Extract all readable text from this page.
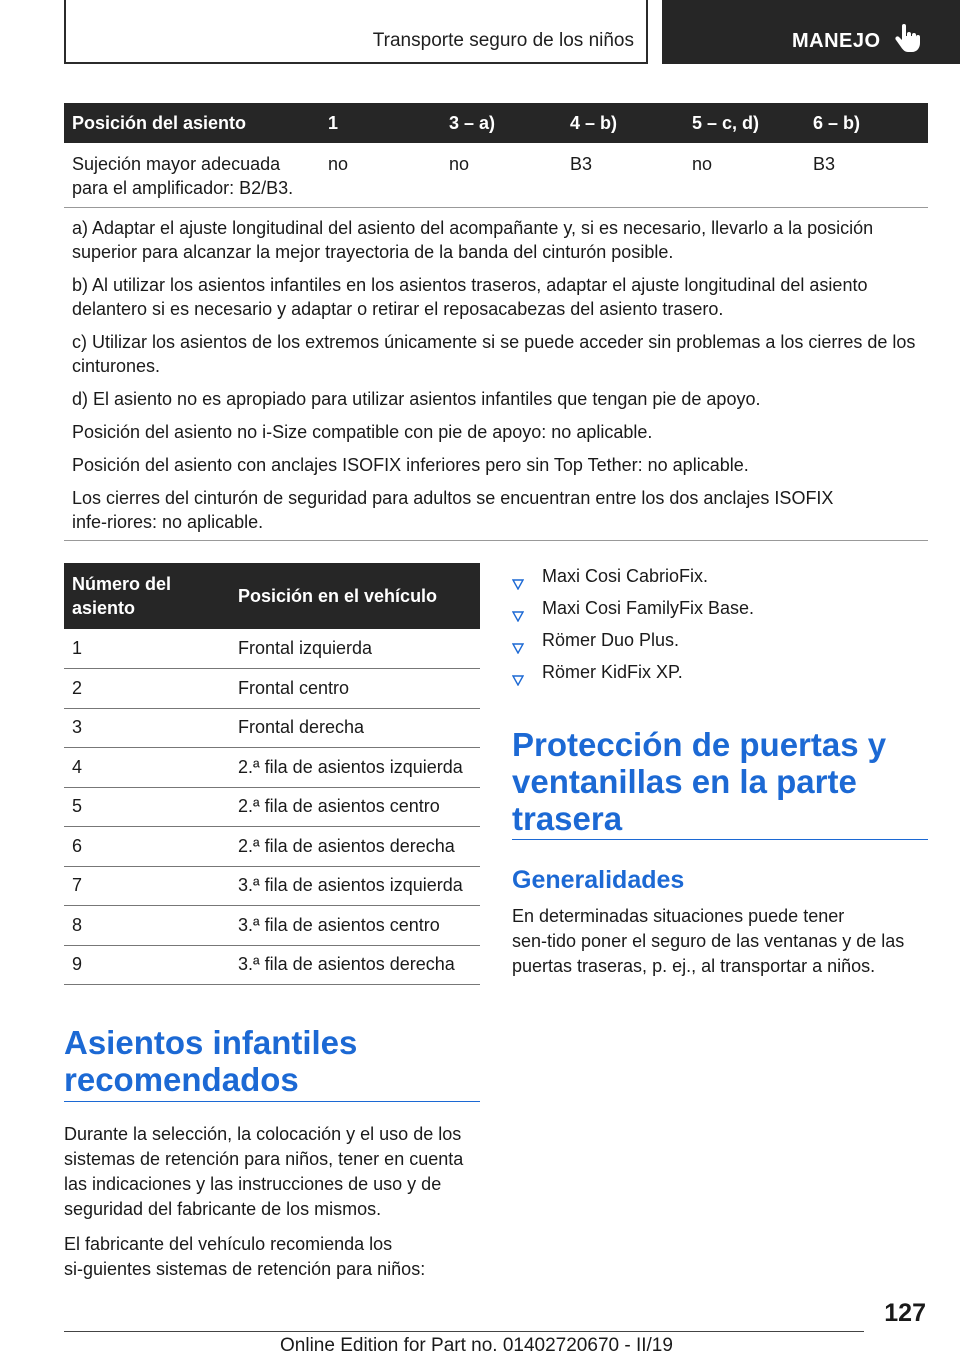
Transporte seguro de los niños	MANEJO
Posición del asiento	1	3 – a)	4 – b)	5 – c, d)	6 – b)
Sujeción mayor adecuada para el amplificador: B2/B3.	no	no	B3	no	B3

a) Adaptar el ajuste longitudinal del asiento del acompañante y, si es necesario, llevarlo a la posición superior para alcanzar la mejor trayectoria de la banda del cinturón posible.

b) Al utilizar los asientos infantiles en los asientos traseros, adaptar el ajuste longitudinal del asiento delantero si es necesario y adaptar o retirar el reposacabezas del asiento trasero.

c) Utilizar los asientos de los extremos únicamente si se puede acceder sin problemas a los cierres de los cinturones.

d) El asiento no es apropiado para utilizar asientos infantiles que tengan pie de apoyo.

Posición del asiento no i‑Size compatible con pie de apoyo: no aplicable.

Posición del asiento con anclajes ISOFIX inferiores pero sin Top Tether: no aplicable.

Los cierres del cinturón de seguridad para adultos se encuentran entre los dos anclajes ISOFIX infe‑riores: no aplicable.

Número del asiento	Posición en el vehículo
1	Frontal izquierda
2	Frontal centro
3	Frontal derecha
4	2.ª fila de asientos izquierda
5	2.ª fila de asientos centro
6	2.ª fila de asientos derecha
7	3.ª fila de asientos izquierda
8	3.ª fila de asientos centro
9	3.ª fila de asientos derecha
Asientos infantiles recomendados

Durante la selección, la colocación y el uso de los sistemas de retención para niños, tener en cuenta las indicaciones y las instrucciones de uso y de seguridad del fabricante de los mismos.

El fabricante del vehículo recomienda los si‑guientes sistemas de retención para niños:

Maxi Cosi CabrioFix.
Maxi Cosi FamilyFix Base.
Römer Duo Plus.
Römer KidFix XP.
Protección de puertas y ventanillas en la parte trasera
Generalidades

En determinadas situaciones puede tener sen‑tido poner el seguro de las ventanas y de las puertas traseras, p. ej., al transportar a niños.

127
Online Edition for Part no. 01402720670 - II/19
